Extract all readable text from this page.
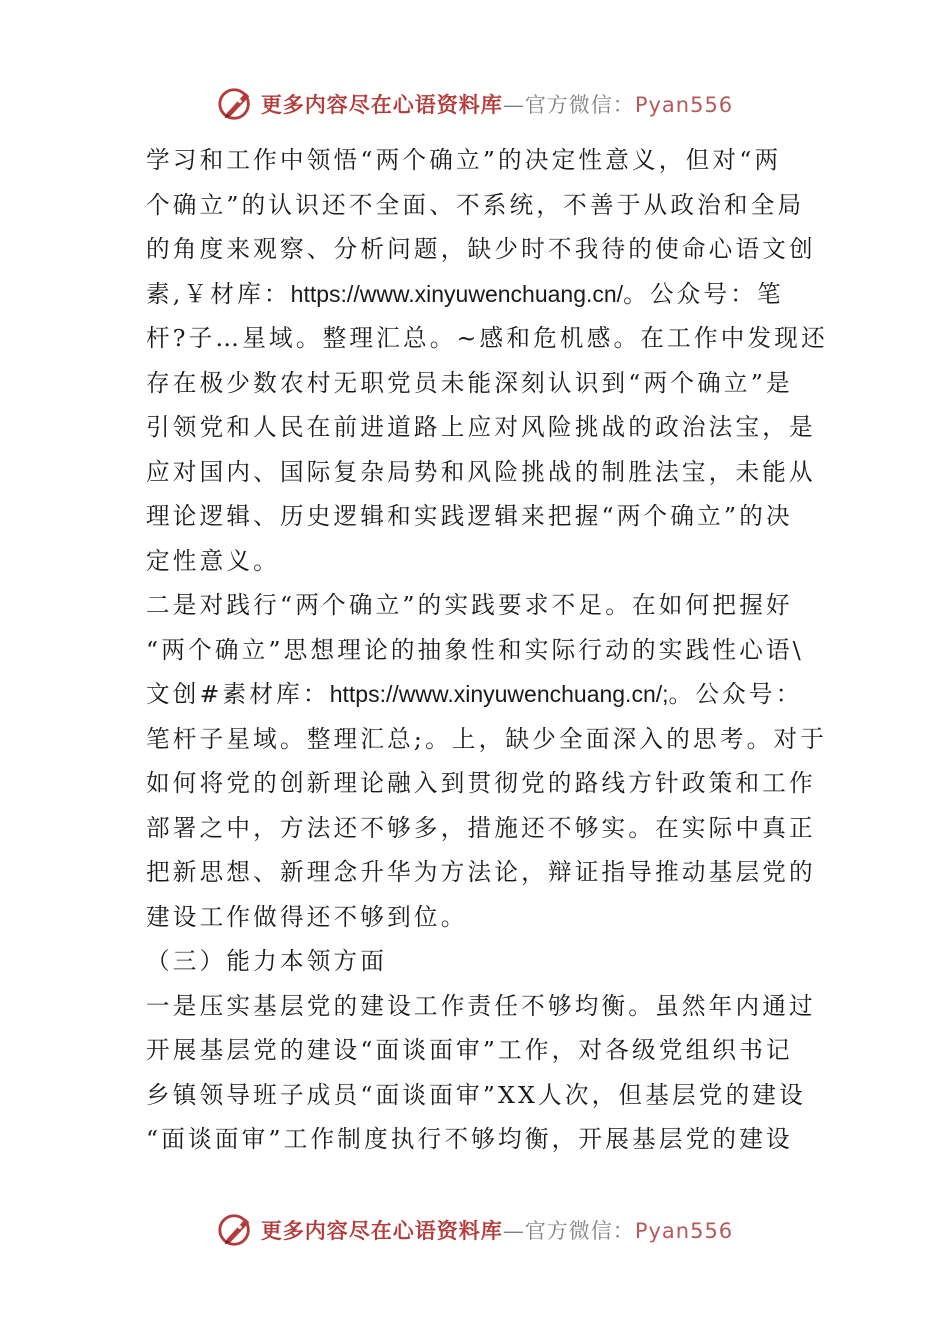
更多内容尽在心语资料库—官方微信：Pyan556
学习和工作中领悟“两个确立”的决定性意义，但对“两
个确立”的认识还不全面、不系统，不善于从政治和全局
的角度来观察、分析问题，缺少时不我待的使命心语文创
素,￥材库：https://www.xinyuwenchuang.cn/。公众号：笔
杆?子…星域。整理汇总。~感和危机感。在工作中发现还
存在极少数农村无职党员未能深刻认识到“两个确立”是
引领党和人民在前进道路上应对风险挑战的政治法宝，是
应对国内、国际复杂局势和风险挑战的制胜法宝，未能从
理论逻辑、历史逻辑和实践逻辑来把握“两个确立”的决
定性意义。
二是对践行“两个确立”的实践要求不足。在如何把握好
“两个确立”思想理论的抽象性和实际行动的实践性心语\
文创#素材库：https://www.xinyuwenchuang.cn/;。公众号：
笔杆子星域。整理汇总;。上，缺少全面深入的思考。对于
如何将党的创新理论融入到贯彻党的路线方针政策和工作
部署之中，方法还不够多，措施还不够实。在实际中真正
把新思想、新理念升华为方法论，辩证指导推动基层党的
建设工作做得还不够到位。
（三）能力本领方面
一是压实基层党的建设工作责任不够均衡。虽然年内通过
开展基层党的建设“面谈面审”工作，对各级党组织书记
乡镇领导班子成员“面谈面审”XX人次，但基层党的建设
“面谈面审”工作制度执行不够均衡，开展基层党的建设
更多内容尽在心语资料库—官方微信：Pyan556
